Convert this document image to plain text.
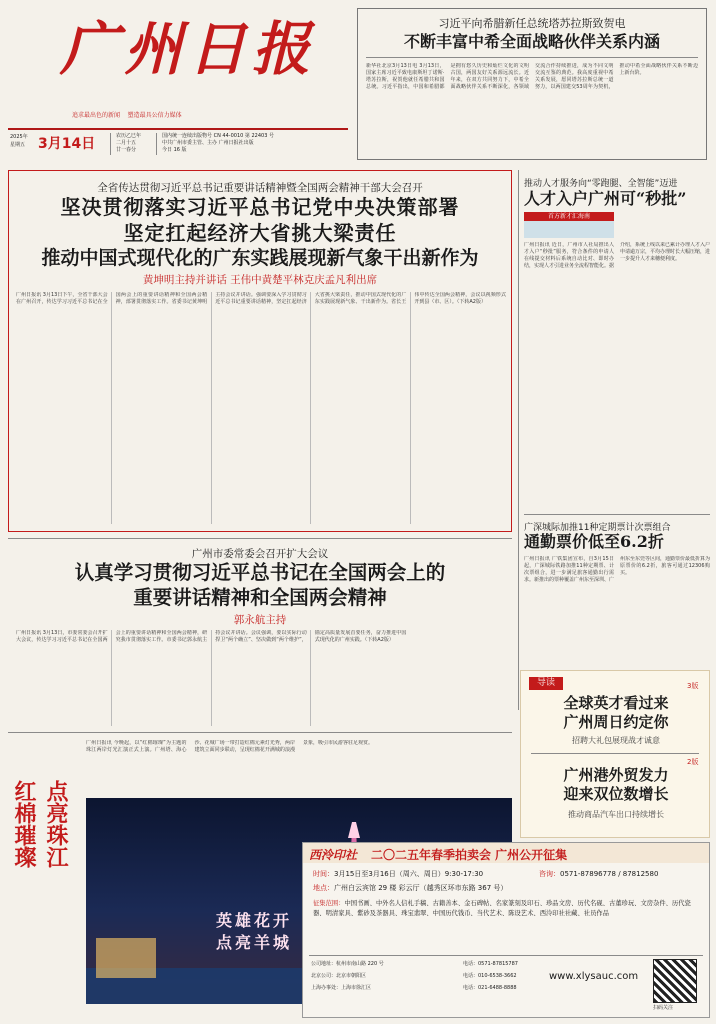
广州日报
追求最出色的新闻 塑造最具公信力媒体
2025年
星期五 3月14日	农历乙巳年
二月十五
廿一春分
国内统一连续出版物号 CN 44-0010 第 22403 号
中共广州市委主管、主办 广州日报社出版
今日 16 版
习近平向希腊新任总统塔苏拉斯致贺电
不断丰富中希全面战略伙伴关系内涵
新华社北京3月13日电 3月13日，国家主席习近平致电康斯坦丁诺斯·塔苏拉斯，祝贺他就任希腊共和国总统。习近平指出，中国和希腊都是拥有悠久历史和灿烂文化的文明古国，两国友好关系源远流长。近年来，在双方共同努力下，中希全面战略伙伴关系不断深化，各领域交流合作持续推进，成为不同文明交流互鉴的典范。我高度重视中希关系发展，愿同塔苏拉斯总统一道努力，以两国建交53周年为契机，推动中希全面战略伙伴关系不断迈上新台阶。
全省传达贯彻习近平总书记重要讲话精神暨全国两会精神干部大会召开
坚决贯彻落实习近平总书记党中央决策部署
坚定扛起经济大省挑大梁责任
推动中国式现代化的广东实践展现新气象干出新作为
黄坤明主持并讲话 王伟中黄楚平林克庆孟凡利出席
广州日报讯 3月13日下午，全省干部大会在广州召开，传达学习习近平总书记在全国两会上的重要讲话精神和全国两会精神，部署贯彻落实工作。省委书记黄坤明主持会议并讲话。强调要深入学习贯彻习近平总书记重要讲话精神，坚定扛起经济大省挑大梁责任，推动中国式现代化的广东实践展现新气象、干出新作为。省长王伟中传达全国两会精神，会议以视频形式开到县（市、区）。（下转A2版）
广州市委常委会召开扩大会议
认真学习贯彻习近平总书记在全国两会上的
重要讲话精神和全国两会精神
郭永航主持
广州日报讯 3月13日，市委常委会召开扩大会议，传达学习习近平总书记在全国两会上的重要讲话精神和全国两会精神，研究我市贯彻落实工作。市委书记郭永航主持会议并讲话。会议强调，要以实际行动捍卫“两个确立”、坚决做到“两个维护”，锚定高质量发展首要任务，奋力推进中国式现代化的广州实践。（下转A2版）
推动人才服务向“零跑腿、全智能”迈进
人才入户广州可“秒批”
首方新才汇海南
广州日报讯 近日，广州市人社局推出人才入户“秒批”服务，符合条件的申请人在线提交材料后系统自动比对、即时办结，实现人才引进业务全流程智能化。据介绍，系统上线以来已累计办理人才入户申请逾万宗，平均办理时长大幅压缩，进一步提升人才来穗便利度。
广深城际加推11种定期票计次票组合
通勤票价低至6.2折
广州日报讯 广铁集团宣布，自3月15日起，广深城际铁路加推11种定期票、计次票组合，进一步满足旅客通勤出行需求。新推出的票种覆盖广州东至深圳、广州东至东莞等区间，通勤票价最低折算为原票价的6.2折，旅客可通过12306购买。
导读	3版
全球英才看过来
广州周日约定你
招聘大礼包展现战才诚意
2版
广州港外贸发力
迎来双位数增长
推动商品汽车出口持续增长
点亮珠江
红棉璀璨
广州日报讯 今晚起，以“红棉璀璨”为主题的珠江两岸灯光汇演正式上演。广州塔、海心沙、花城广场一带打造红棉元素灯光秀，两岸建筑立面同步联动，呈现红棉花开满城的浪漫景象，吸引市民游客驻足观赏。
英雄花开
点亮羊城
西泠印社 二〇二五年春季拍卖会 广州公开征集
时间：3月15日至3月16日（周六、周日）9:30-17:30
地点：广州白云宾馆 29 楼 彩云厅（越秀区环市东路 367 号）
咨询：0571-87896778 / 87812580
征集范围：中国书画、中外名人信札手稿、古籍善本、金石碑帖、名家篆刻及印石、珍品文房、历代名砚、古董珍玩、文房杂件、历代瓷器、明清家具、紫砂及茶器具、珠宝翡翠、中国历代钱币、当代艺术、陈设艺术、西泠印社社藏、社员作品
公司地址：杭州市南山路 220 号
北京公司：北京市朝阳区
上海办事处：上海市徐汇区
电话：0571-87815787
电话：010-6538-3662
电话：021-6488-8888
www.xlysauc.com
扫码关注
